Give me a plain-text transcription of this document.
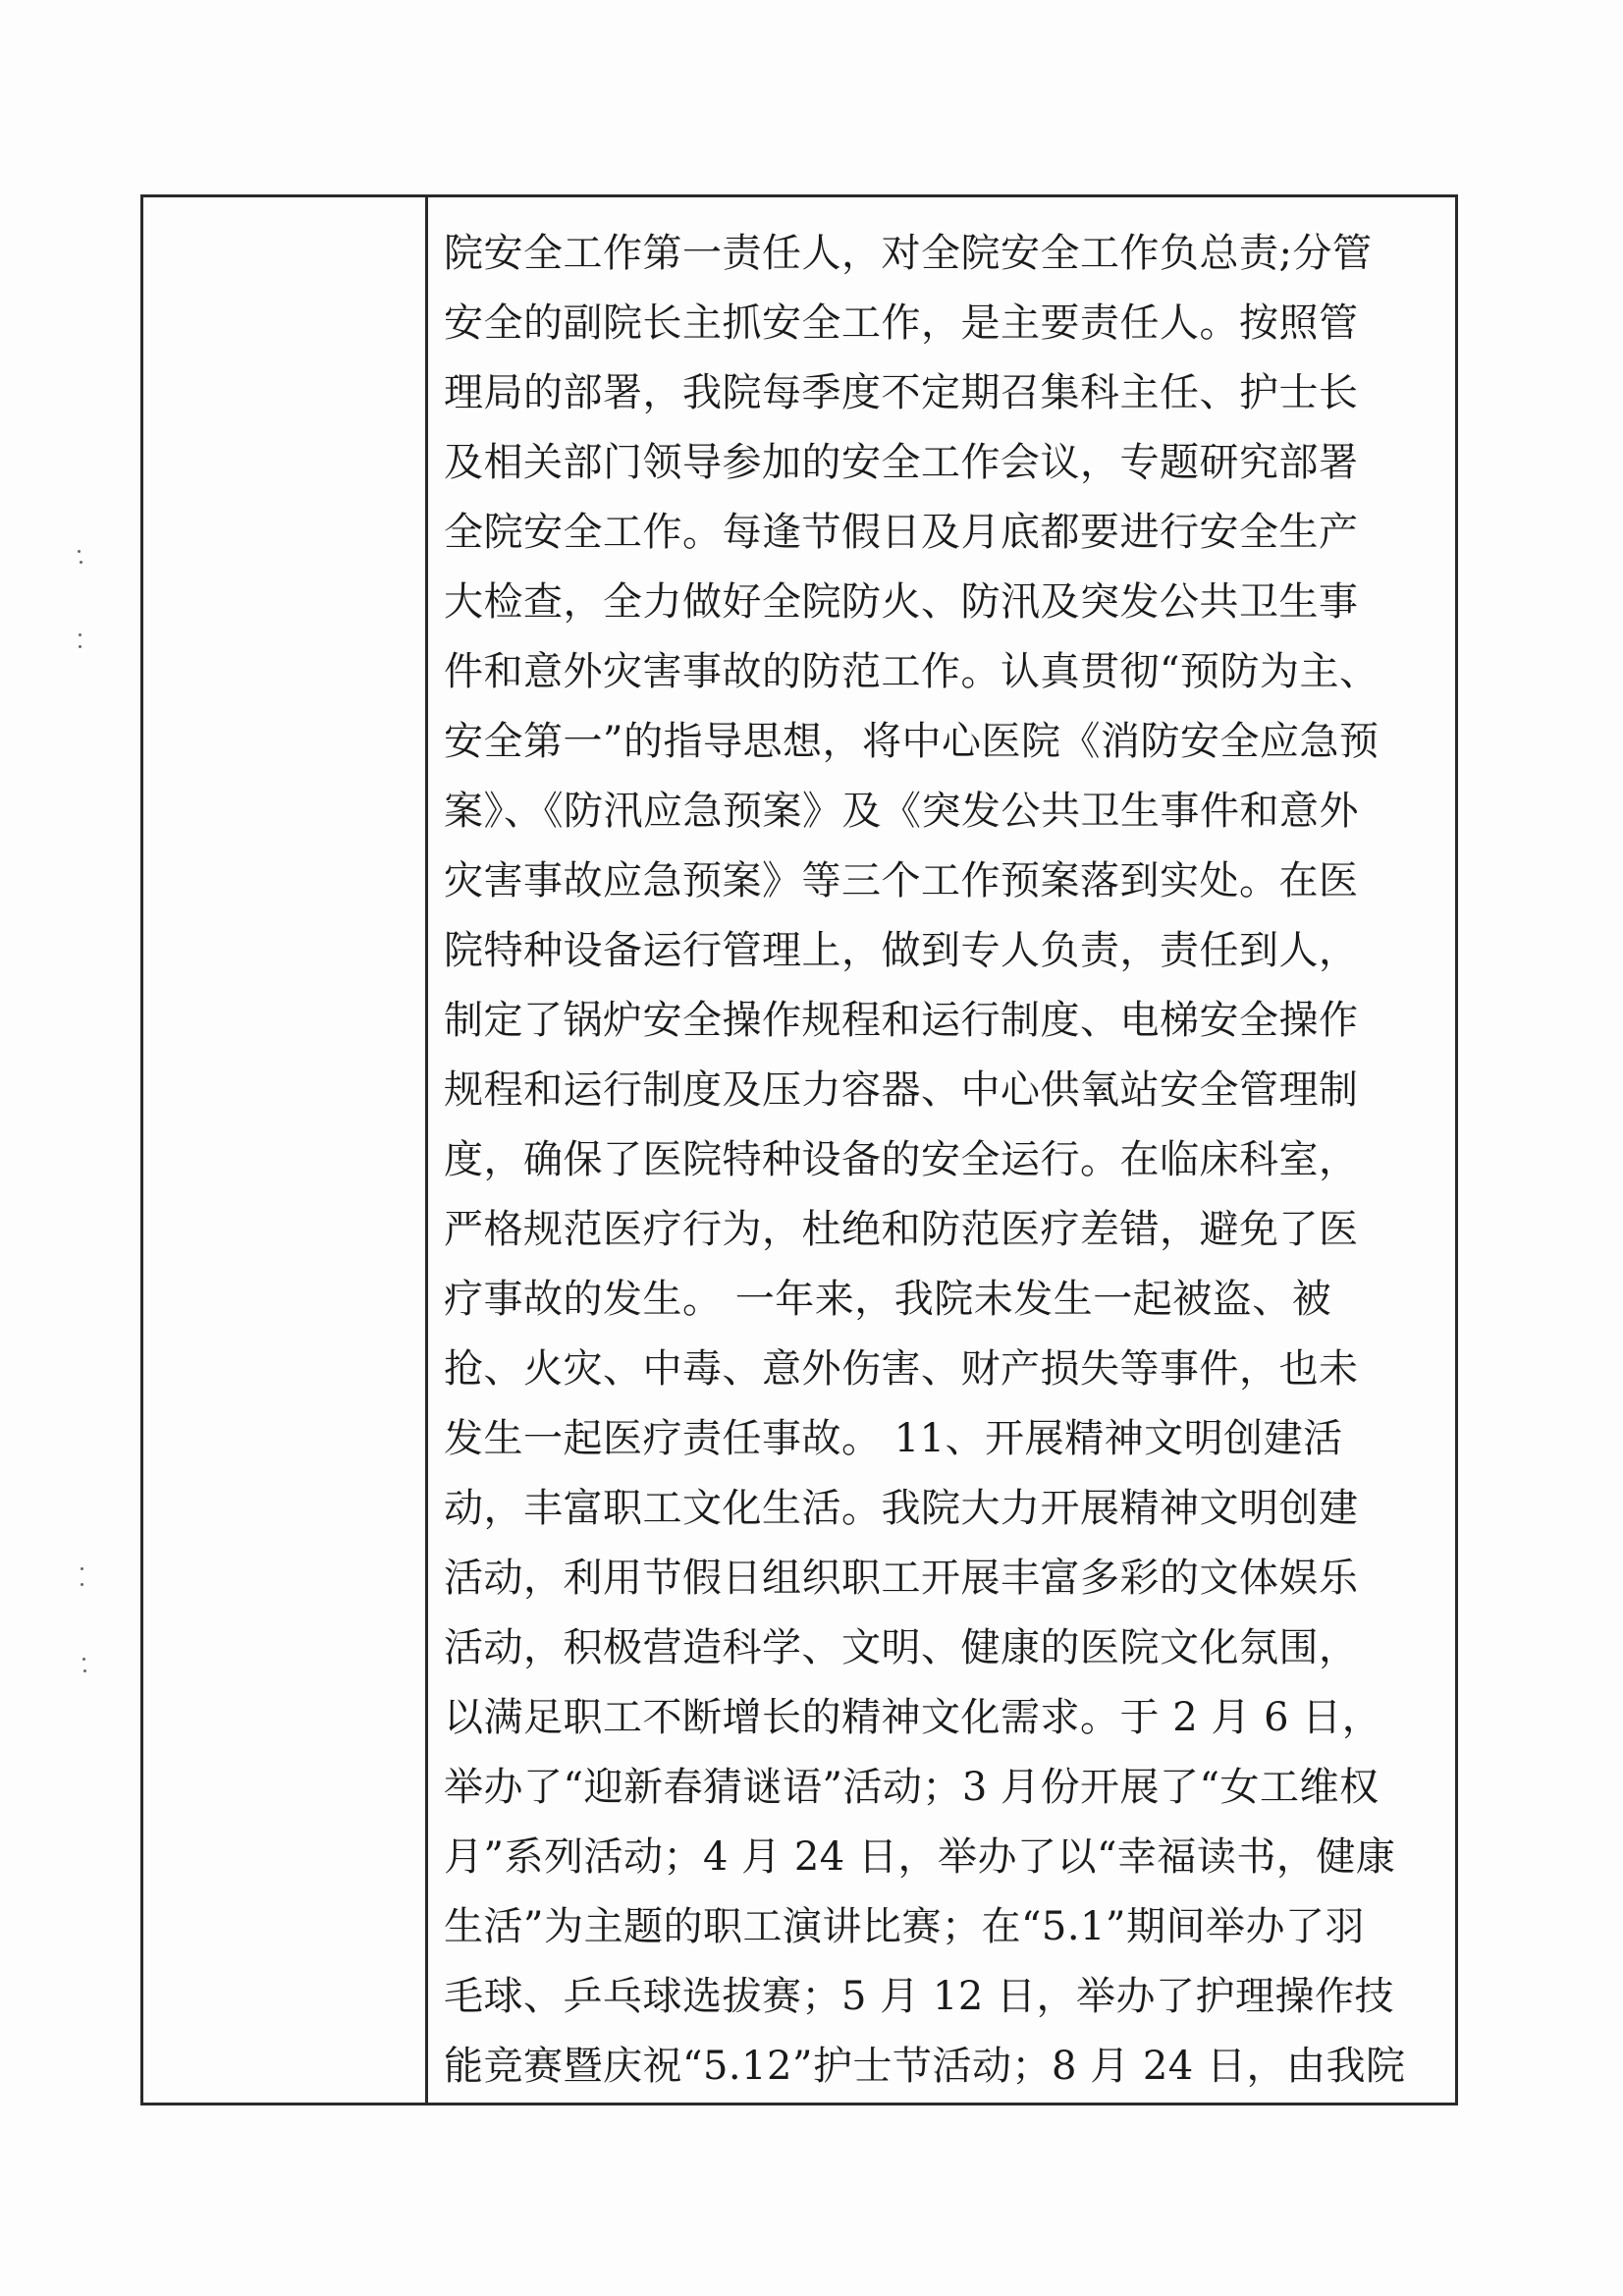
院安全工作第一责任人，对全院安全工作负总责;分管
安全的副院长主抓安全工作，是主要责任人。按照管
理局的部署，我院每季度不定期召集科主任、护士长
及相关部门领导参加的安全工作会议，专题研究部署
全院安全工作。每逢节假日及月底都要进行安全生产
大检查，全力做好全院防火、防汛及突发公共卫生事
件和意外灾害事故的防范工作。认真贯彻“预防为主、
安全第一”的指导思想，将中心医院《消防安全应急预
案》、《防汛应急预案》及《突发公共卫生事件和意外
灾害事故应急预案》等三个工作预案落到实处。在医
院特种设备运行管理上，做到专人负责，责任到人，
制定了锅炉安全操作规程和运行制度、电梯安全操作
规程和运行制度及压力容器、中心供氧站安全管理制
度，确保了医院特种设备的安全运行。在临床科室，
严格规范医疗行为，杜绝和防范医疗差错，避免了医
疗事故的发生。 一年来，我院未发生一起被盗、被
抢、火灾、中毒、意外伤害、财产损失等事件，也未
发生一起医疗责任事故。 11、开展精神文明创建活
动，丰富职工文化生活。我院大力开展精神文明创建
活动，利用节假日组织职工开展丰富多彩的文体娱乐
活动，积极营造科学、文明、健康的医院文化氛围，
以满足职工不断增长的精神文化需求。于 2 月 6 日，
举办了“迎新春猜谜语”活动；3 月份开展了“女工维权
月”系列活动；4 月 24 日，举办了以“幸福读书，健康
生活”为主题的职工演讲比赛；在“5.1”期间举办了羽
毛球、乒乓球选拔赛；5 月 12 日，举办了护理操作技
能竞赛暨庆祝“5.12”护士节活动；8 月 24 日，由我院
